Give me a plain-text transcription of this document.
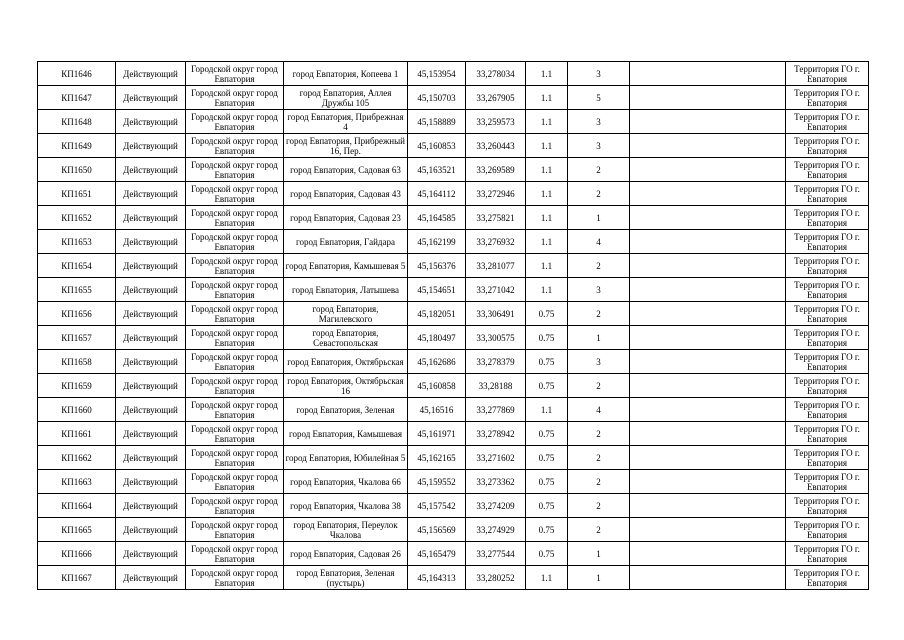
КП1646	Действующий	Городской округ город Евпатория	город Евпатория, Копеева 1	45,153954	33,278034	1.1	3		Территория ГО г. Евпатория
КП1647	Действующий	Городской округ город Евпатория	город Евпатория, Аллея Дружбы 105	45,150703	33,267905	1.1	5		Территория ГО г. Евпатория
КП1648	Действующий	Городской округ город Евпатория	город Евпатория, Прибрежная 4	45,158889	33,259573	1.1	3		Территория ГО г. Евпатория
КП1649	Действующий	Городской округ город Евпатория	город Евпатория, Прибрежный 16, Пер.	45,160853	33,260443	1.1	3		Территория ГО г. Евпатория
КП1650	Действующий	Городской округ город Евпатория	город Евпатория, Садовая 63	45,163521	33,269589	1.1	2		Территория ГО г. Евпатория
КП1651	Действующий	Городской округ город Евпатория	город Евпатория, Садовая 43	45,164112	33,272946	1.1	2		Территория ГО г. Евпатория
КП1652	Действующий	Городской округ город Евпатория	город Евпатория, Садовая 23	45,164585	33,275821	1.1	1		Территория ГО г. Евпатория
КП1653	Действующий	Городской округ город Евпатория	город Евпатория, Гайдара	45,162199	33,276932	1.1	4		Территория ГО г. Евпатория
КП1654	Действующий	Городской округ город Евпатория	город Евпатория, Камышевая 5	45,156376	33,281077	1.1	2		Территория ГО г. Евпатория
КП1655	Действующий	Городской округ город Евпатория	город Евпатория, Латышева	45,154651	33,271042	1.1	3		Территория ГО г. Евпатория
КП1656	Действующий	Городской округ город Евпатория	город Евпатория, Магилевского	45,182051	33,306491	0.75	2		Территория ГО г. Евпатория
КП1657	Действующий	Городской округ город Евпатория	город Евпатория, Севастопольская	45,180497	33,300575	0.75	1		Территория ГО г. Евпатория
КП1658	Действующий	Городской округ город Евпатория	город Евпатория, Октябрьская	45,162686	33,278379	0.75	3		Территория ГО г. Евпатория
КП1659	Действующий	Городской округ город Евпатория	город Евпатория, Октябрьская 16	45,160858	33,28188	0.75	2		Территория ГО г. Евпатория
КП1660	Действующий	Городской округ город Евпатория	город Евпатория, Зеленая	45,16516	33,277869	1.1	4		Территория ГО г. Евпатория
КП1661	Действующий	Городской округ город Евпатория	город Евпатория, Камышевая	45,161971	33,278942	0.75	2		Территория ГО г. Евпатория
КП1662	Действующий	Городской округ город Евпатория	город Евпатория, Юбилейная 5	45,162165	33,271602	0.75	2		Территория ГО г. Евпатория
КП1663	Действующий	Городской округ город Евпатория	город Евпатория, Чкалова 66	45,159552	33,273362	0.75	2		Территория ГО г. Евпатория
КП1664	Действующий	Городской округ город Евпатория	город Евпатория, Чкалова 38	45,157542	33,274209	0.75	2		Территория ГО г. Евпатория
КП1665	Действующий	Городской округ город Евпатория	город Евпатория, Переулок Чкалова	45,156569	33,274929	0.75	2		Территория ГО г. Евпатория
КП1666	Действующий	Городской округ город Евпатория	город Евпатория, Садовая 26	45,165479	33,277544	0.75	1		Территория ГО г. Евпатория
КП1667	Действующий	Городской округ город Евпатория	город Евпатория, Зеленая (пустырь)	45,164313	33,280252	1.1	1		Территория ГО г. Евпатория
